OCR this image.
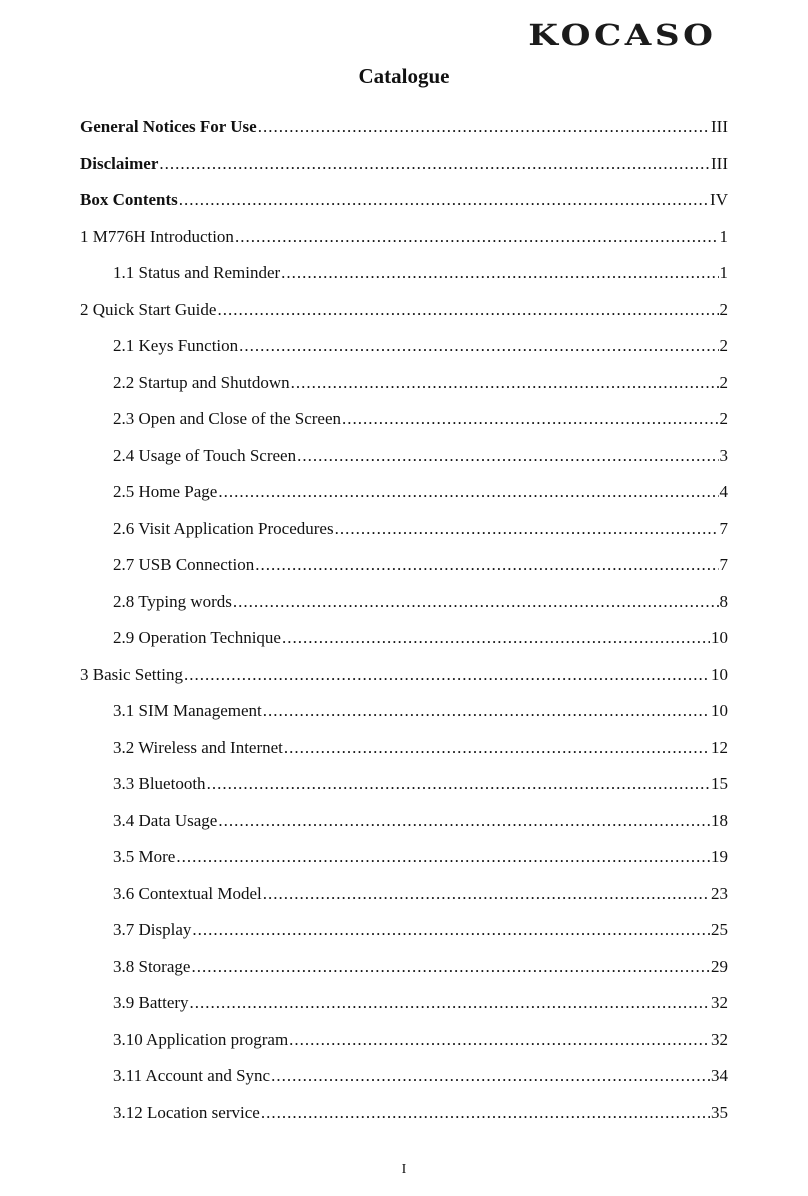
KOCASO
Catalogue
General Notices For Use .....	III
Disclaimer .....	III
Box Contents .....	IV
1 M776H Introduction .....	1
1.1 Status and Reminder .....	1
2 Quick Start Guide .....	2
2.1 Keys Function .....	2
2.2 Startup and Shutdown .....	2
2.3 Open and Close of the Screen .....	2
2.4 Usage of Touch Screen .....	3
2.5 Home Page .....	4
2.6 Visit Application Procedures .....	7
2.7 USB Connection .....	7
2.8 Typing words .....	8
2.9 Operation Technique .....	10
3 Basic Setting .....	10
3.1 SIM Management .....	10
3.2 Wireless and Internet .....	12
3.3 Bluetooth .....	15
3.4 Data Usage .....	18
3.5 More .....	19
3.6 Contextual Model .....	23
3.7 Display .....	25
3.8 Storage .....	29
3.9 Battery .....	32
3.10 Application program .....	32
3.11 Account and Sync .....	34
3.12 Location service .....	35
I
